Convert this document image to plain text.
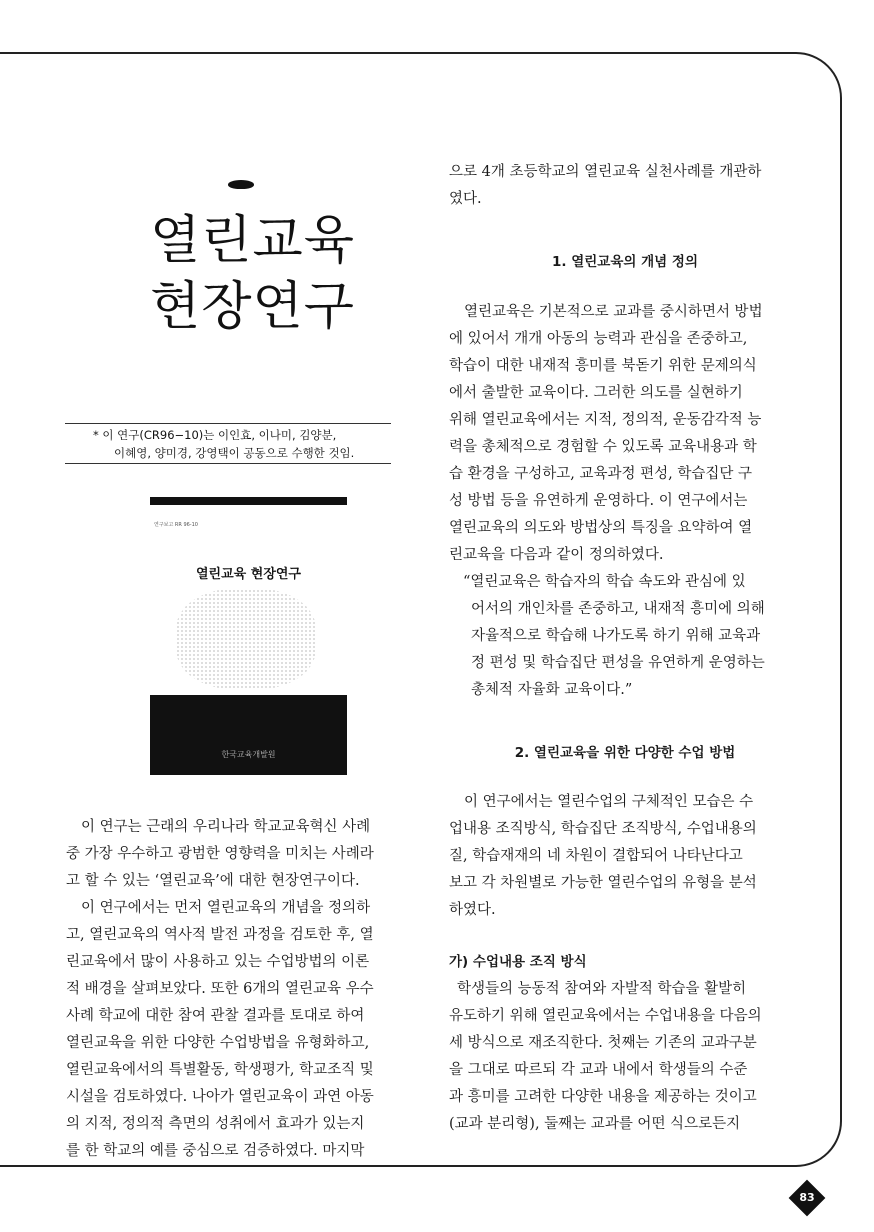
열린교육
현장연구

* 이 연구(CR96−10)는 이인효, 이나미, 김양분,

이혜영, 양미경, 강영택이 공동으로 수행한 것임.

연구보고 RR 96-10
열린교육 현장연구
한국교육개발원

이 연구는 근래의 우리나라 학교교육혁신 사례

중 가장 우수하고 광범한 영향력을 미치는 사례라

고 할 수 있는 ‘열린교육’에 대한 현장연구이다.

이 연구에서는 먼저 열린교육의 개념을 정의하

고, 열린교육의 역사적 발전 과정을 검토한 후, 열

린교육에서 많이 사용하고 있는 수업방법의 이론

적 배경을 살펴보았다. 또한 6개의 열린교육 우수

사례 학교에 대한 참여 관찰 결과를 토대로 하여

열린교육을 위한 다양한 수업방법을 유형화하고,

열린교육에서의 특별활동, 학생평가, 학교조직 및

시설을 검토하였다. 나아가 열린교육이 과연 아동

의 지적, 정의적 측면의 성취에서 효과가 있는지

를 한 학교의 예를 중심으로 검증하였다. 마지막

으로 4개 초등학교의 열린교육 실천사례를 개관하

였다.

1. 열린교육의 개념 정의

열린교육은 기본적으로 교과를 중시하면서 방법

에 있어서 개개 아동의 능력과 관심을 존중하고,

학습이 대한 내재적 흥미를 북돋기 위한 문제의식

에서 출발한 교육이다. 그러한 의도를 실현하기

위해 열린교육에서는 지적, 정의적, 운동감각적 능

력을 총체적으로 경험할 수 있도록 교육내용과 학

습 환경을 구성하고, 교육과정 편성, 학습집단 구

성 방법 등을 유연하게 운영하다. 이 연구에서는

열린교육의 의도와 방법상의 특징을 요약하여 열

린교육을 다음과 같이 정의하였다.

“열린교육은 학습자의 학습 속도와 관심에 있

어서의 개인차를 존중하고, 내재적 흥미에 의해

자율적으로 학습해 나가도록 하기 위해 교육과

정 편성 및 학습집단 편성을 유연하게 운영하는

총체적 자율화 교육이다.”

2. 열린교육을 위한 다양한 수업 방법

이 연구에서는 열린수업의 구체적인 모습은 수

업내용 조직방식, 학습집단 조직방식, 수업내용의

질, 학습재재의 네 차원이 결합되어 나타난다고

보고 각 차원별로 가능한 열린수업의 유형을 분석

하였다.

가) 수업내용 조직 방식

학생들의 능동적 참여와 자발적 학습을 활발히

유도하기 위해 열린교육에서는 수업내용을 다음의

세 방식으로 재조직한다. 첫째는 기존의 교과구분

을 그대로 따르되 각 교과 내에서 학생들의 수준

과 흥미를 고려한 다양한 내용을 제공하는 것이고

(교과 분리형), 둘째는 교과를 어떤 식으로든지

83
